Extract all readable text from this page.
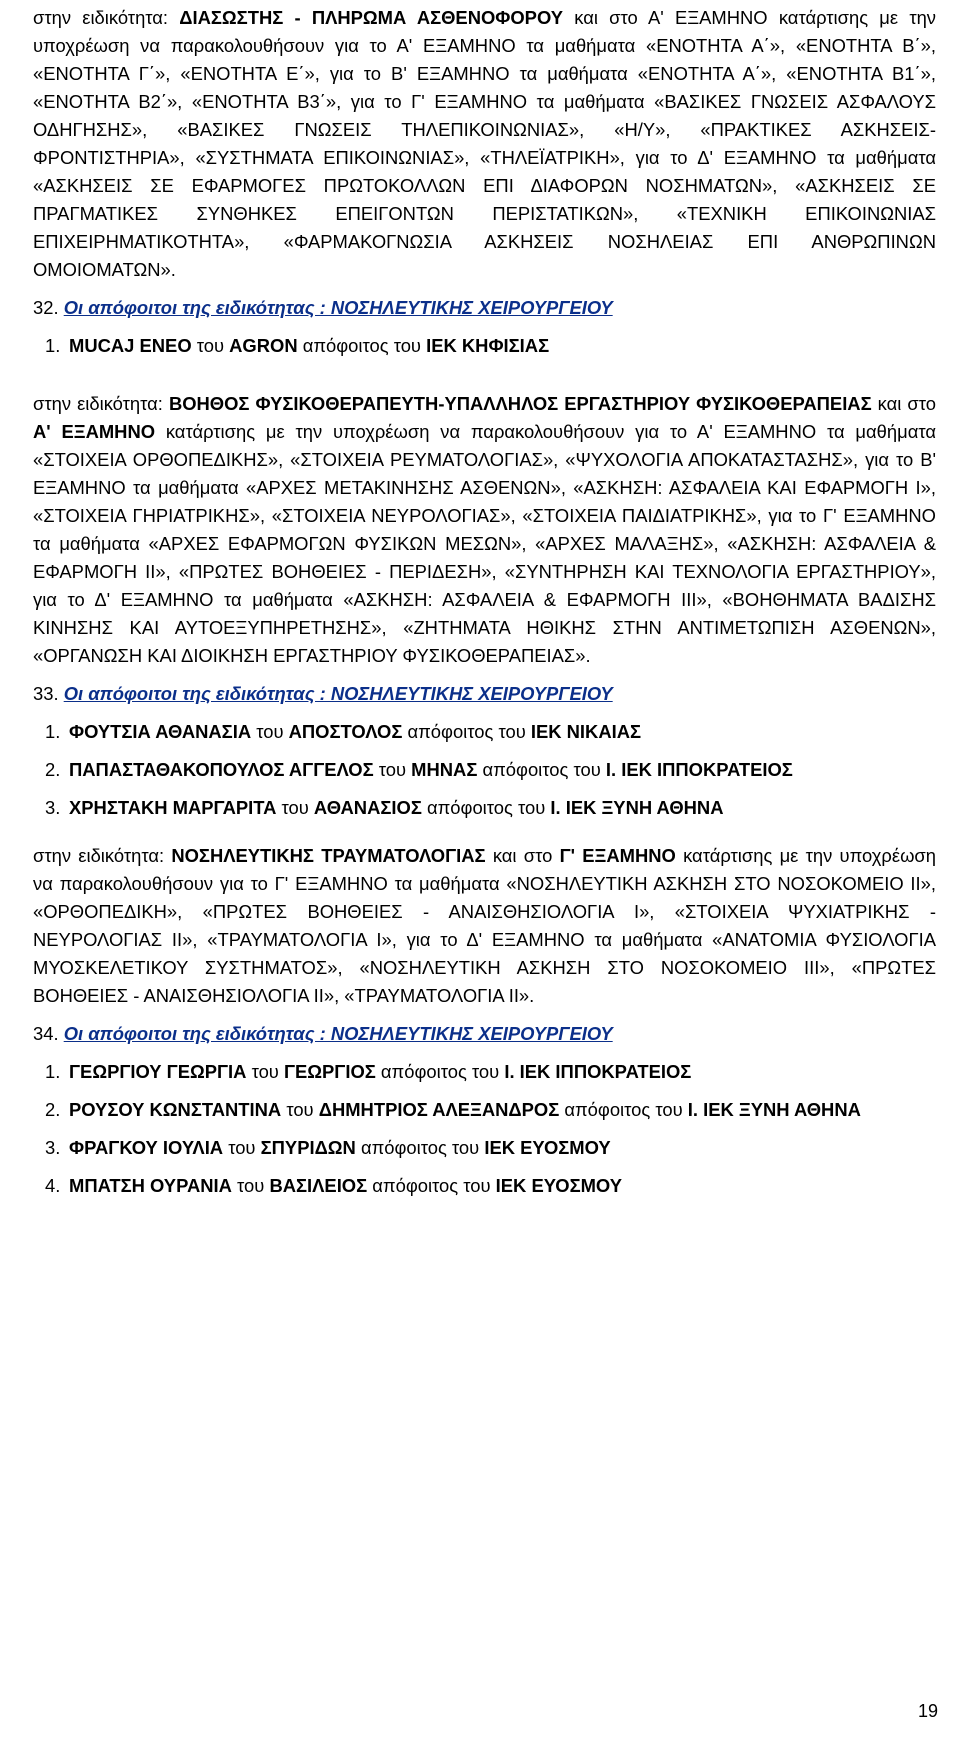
στην ειδικότητα: ΔΙΑΣΩΣΤΗΣ - ΠΛΗΡΩΜΑ ΑΣΘΕΝΟΦΟΡΟΥ και στο Α' ΕΞΑΜΗΝΟ κατάρτισης με την υποχρέωση να παρακολουθήσουν για το Α' ΕΞΑΜΗΝΟ τα μαθήματα «ΕΝΟΤΗΤΑ Α΄», «ΕΝΟΤΗΤΑ Β΄», «ΕΝΟΤΗΤΑ Γ΄», «ΕΝΟΤΗΤΑ Ε΄», για το Β' ΕΞΑΜΗΝΟ τα μαθήματα «ΕΝΟΤΗΤΑ Α΄», «ΕΝΟΤΗΤΑ Β1΄», «ΕΝΟΤΗΤΑ Β2΄», «ΕΝΟΤΗΤΑ Β3΄», για το Γ' ΕΞΑΜΗΝΟ τα μαθήματα «ΒΑΣΙΚΕΣ ΓΝΩΣΕΙΣ ΑΣΦΑΛΟΥΣ ΟΔΗΓΗΣΗΣ», «ΒΑΣΙΚΕΣ ΓΝΩΣΕΙΣ ΤΗΛΕΠΙΚΟΙΝΩΝΙΑΣ», «Η/Υ», «ΠΡΑΚΤΙΚΕΣ ΑΣΚΗΣΕΙΣ- ΦΡΟΝΤΙΣΤΗΡΙΑ», «ΣΥΣΤΗΜΑΤΑ ΕΠΙΚΟΙΝΩΝΙΑΣ», «ΤΗΛΕΪΑΤΡΙΚΗ», για το Δ' ΕΞΑΜΗΝΟ τα μαθήματα «ΑΣΚΗΣΕΙΣ ΣΕ ΕΦΑΡΜΟΓΕΣ ΠΡΩΤΟΚΟΛΛΩΝ ΕΠΙ ΔΙΑΦΟΡΩΝ ΝΟΣΗΜΑΤΩΝ», «ΑΣΚΗΣΕΙΣ ΣΕ ΠΡΑΓΜΑΤΙΚΕΣ ΣΥΝΘΗΚΕΣ ΕΠΕΙΓΟΝΤΩΝ ΠΕΡΙΣΤΑΤΙΚΩΝ», «ΤΕΧΝΙΚΗ ΕΠΙΚΟΙΝΩΝΙΑΣ ΕΠΙΧΕΙΡΗΜΑΤΙΚΟΤΗΤΑ», «ΦΑΡΜΑΚΟΓΝΩΣΙΑ ΑΣΚΗΣΕΙΣ ΝΟΣΗΛΕΙΑΣ ΕΠΙ ΑΝΘΡΩΠΙΝΩΝ ΟΜΟΙΟΜΑΤΩΝ».

32. Οι απόφοιτοι της ειδικότητας : ΝΟΣΗΛΕΥΤΙΚΗΣ ΧΕΙΡΟΥΡΓΕΙΟΥ

1.MUCAJ ENEO του AGRON απόφοιτος του ΙΕΚ ΚΗΦΙΣΙΑΣ

στην ειδικότητα: ΒΟΗΘΟΣ ΦΥΣΙΚΟΘΕΡΑΠΕΥΤΗ-ΥΠΑΛΛΗΛΟΣ ΕΡΓΑΣΤΗΡΙΟΥ ΦΥΣΙΚΟΘΕΡΑΠΕΙΑΣ και στο Α' ΕΞΑΜΗΝΟ κατάρτισης με την υποχρέωση να παρακολουθήσουν για το Α' ΕΞΑΜΗΝΟ τα μαθήματα «ΣΤΟΙΧΕΙΑ ΟΡΘΟΠΕΔΙΚΗΣ», «ΣΤΟΙΧΕΙΑ ΡΕΥΜΑΤΟΛΟΓΙΑΣ», «ΨΥΧΟΛΟΓΙΑ ΑΠΟΚΑΤΑΣΤΑΣΗΣ», για το Β' ΕΞΑΜΗΝΟ τα μαθήματα «ΑΡΧΕΣ ΜΕΤΑΚΙΝΗΣΗΣ ΑΣΘΕΝΩΝ», «ΑΣΚΗΣΗ: ΑΣΦΑΛΕΙΑ ΚΑΙ ΕΦΑΡΜΟΓΗ Ι», «ΣΤΟΙΧΕΙΑ ΓΗΡΙΑΤΡΙΚΗΣ», «ΣΤΟΙΧΕΙΑ ΝΕΥΡΟΛΟΓΙΑΣ», «ΣΤΟΙΧΕΙΑ ΠΑΙΔΙΑΤΡΙΚΗΣ», για το Γ' ΕΞΑΜΗΝΟ τα μαθήματα «ΑΡΧΕΣ ΕΦΑΡΜΟΓΩΝ ΦΥΣΙΚΩΝ ΜΕΣΩΝ», «ΑΡΧΕΣ ΜΑΛΑΞΗΣ», «ΑΣΚΗΣΗ: ΑΣΦΑΛΕΙΑ & ΕΦΑΡΜΟΓΗ ΙΙ», «ΠΡΩΤΕΣ ΒΟΗΘΕΙΕΣ - ΠΕΡΙΔΕΣΗ», «ΣΥΝΤΗΡΗΣΗ ΚΑΙ ΤΕΧΝΟΛΟΓΙΑ ΕΡΓΑΣΤΗΡΙΟΥ», για το Δ' ΕΞΑΜΗΝΟ τα μαθήματα «ΑΣΚΗΣΗ: ΑΣΦΑΛΕΙΑ & ΕΦΑΡΜΟΓΗ ΙΙΙ», «ΒΟΗΘΗΜΑΤΑ ΒΑΔΙΣΗΣ ΚΙΝΗΣΗΣ ΚΑΙ ΑΥΤΟΕΞΥΠΗΡΕΤΗΣΗΣ», «ΖΗΤΗΜΑΤΑ ΗΘΙΚΗΣ ΣΤΗΝ ΑΝΤΙΜΕΤΩΠΙΣΗ ΑΣΘΕΝΩΝ», «ΟΡΓΑΝΩΣΗ ΚΑΙ ΔΙΟΙΚΗΣΗ ΕΡΓΑΣΤΗΡΙΟΥ ΦΥΣΙΚΟΘΕΡΑΠΕΙΑΣ».

33. Οι απόφοιτοι της ειδικότητας : ΝΟΣΗΛΕΥΤΙΚΗΣ ΧΕΙΡΟΥΡΓΕΙΟΥ

1.ΦΟΥΤΣΙΑ ΑΘΑΝΑΣΙΑ του ΑΠΟΣΤΟΛΟΣ απόφοιτος του ΙΕΚ ΝΙΚΑΙΑΣ

2.ΠΑΠΑΣΤΑΘΑΚΟΠΟΥΛΟΣ ΑΓΓΕΛΟΣ του ΜΗΝΑΣ απόφοιτος του Ι. ΙΕΚ ΙΠΠΟΚΡΑΤΕΙΟΣ

3.ΧΡΗΣΤΑΚΗ ΜΑΡΓΑΡΙΤΑ του ΑΘΑΝΑΣΙΟΣ απόφοιτος του Ι. ΙΕΚ ΞΥΝΗ ΑΘΗΝΑ

στην ειδικότητα: ΝΟΣΗΛΕΥΤΙΚΗΣ ΤΡΑΥΜΑΤΟΛΟΓΙΑΣ και στο Γ' ΕΞΑΜΗΝΟ κατάρτισης με την υποχρέωση να παρακολουθήσουν για το Γ' ΕΞΑΜΗΝΟ τα μαθήματα «ΝΟΣΗΛΕΥΤΙΚΗ ΑΣΚΗΣΗ ΣΤΟ ΝΟΣΟΚΟΜΕΙΟ ΙΙ», «ΟΡΘΟΠΕΔΙΚΗ», «ΠΡΩΤΕΣ ΒΟΗΘΕΙΕΣ - ΑΝΑΙΣΘΗΣΙΟΛΟΓΙΑ Ι», «ΣΤΟΙΧΕΙΑ ΨΥΧΙΑΤΡΙΚΗΣ - ΝΕΥΡΟΛΟΓΙΑΣ ΙΙ», «ΤΡΑΥΜΑΤΟΛΟΓΙΑ Ι», για το Δ' ΕΞΑΜΗΝΟ τα μαθήματα «ΑΝΑΤΟΜΙΑ ΦΥΣΙΟΛΟΓΙΑ ΜΥΟΣΚΕΛΕΤΙΚΟΥ ΣΥΣΤΗΜΑΤΟΣ», «ΝΟΣΗΛΕΥΤΙΚΗ ΑΣΚΗΣΗ ΣΤΟ ΝΟΣΟΚΟΜΕΙΟ ΙΙΙ», «ΠΡΩΤΕΣ ΒΟΗΘΕΙΕΣ - ΑΝΑΙΣΘΗΣΙΟΛΟΓΙΑ ΙΙ», «ΤΡΑΥΜΑΤΟΛΟΓΙΑ ΙΙ».

34. Οι απόφοιτοι της ειδικότητας : ΝΟΣΗΛΕΥΤΙΚΗΣ ΧΕΙΡΟΥΡΓΕΙΟΥ

1.ΓΕΩΡΓΙΟΥ ΓΕΩΡΓΙΑ του ΓΕΩΡΓΙΟΣ απόφοιτος του Ι. ΙΕΚ ΙΠΠΟΚΡΑΤΕΙΟΣ

2.ΡΟΥΣΟΥ ΚΩΝΣΤΑΝΤΙΝΑ του ΔΗΜΗΤΡΙΟΣ ΑΛΕΞΑΝΔΡΟΣ απόφοιτος του Ι. ΙΕΚ ΞΥΝΗ ΑΘΗΝΑ

3.ΦΡΑΓΚΟΥ ΙΟΥΛΙΑ του ΣΠΥΡΙΔΩΝ απόφοιτος του ΙΕΚ ΕΥΟΣΜΟΥ

4.ΜΠΑΤΣΗ ΟΥΡΑΝΙΑ του ΒΑΣΙΛΕΙΟΣ απόφοιτος του ΙΕΚ ΕΥΟΣΜΟΥ

19
